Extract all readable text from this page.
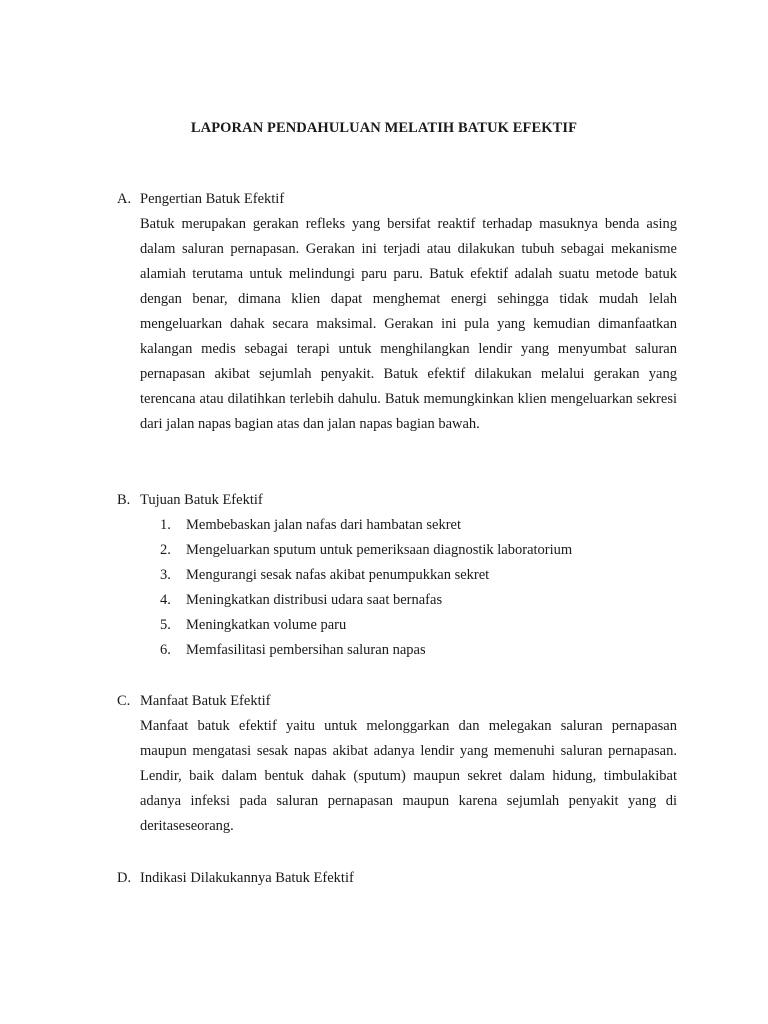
LAPORAN PENDAHULUAN MELATIH BATUK EFEKTIF
A. Pengertian Batuk Efektif

Batuk merupakan gerakan refleks yang bersifat reaktif terhadap masuknya benda asing dalam saluran pernapasan. Gerakan ini terjadi atau dilakukan tubuh sebagai mekanisme alamiah terutama untuk melindungi paru paru. Batuk efektif adalah suatu metode batuk dengan benar, dimana klien dapat menghemat energi sehingga tidak mudah lelah mengeluarkan dahak secara maksimal. Gerakan ini pula yang kemudian dimanfaatkan kalangan medis sebagai terapi untuk menghilangkan lendir yang menyumbat saluran pernapasan akibat sejumlah penyakit. Batuk efektif dilakukan melalui gerakan yang terencana atau dilatihkan terlebih dahulu. Batuk memungkinkan klien mengeluarkan sekresi dari jalan napas bagian atas dan jalan napas bagian bawah.

B. Tujuan Batuk Efektif
1.	Membebaskan jalan nafas dari hambatan sekret
2.	Mengeluarkan sputum untuk pemeriksaan diagnostik laboratorium
3.	Mengurangi sesak nafas akibat penumpukkan sekret
4.	Meningkatkan distribusi udara saat bernafas
5.	Meningkatkan volume paru
6.	Memfasilitasi pembersihan saluran napas
C. Manfaat Batuk Efektif

Manfaat batuk efektif yaitu untuk melonggarkan dan melegakan saluran pernapasan maupun mengatasi sesak napas akibat adanya lendir yang memenuhi saluran pernapasan. Lendir, baik dalam bentuk dahak (sputum) maupun sekret dalam hidung, timbulakibat adanya infeksi pada saluran pernapasan maupun karena sejumlah penyakit yang di deritaseseorang.

D. Indikasi Dilakukannya Batuk Efektif
